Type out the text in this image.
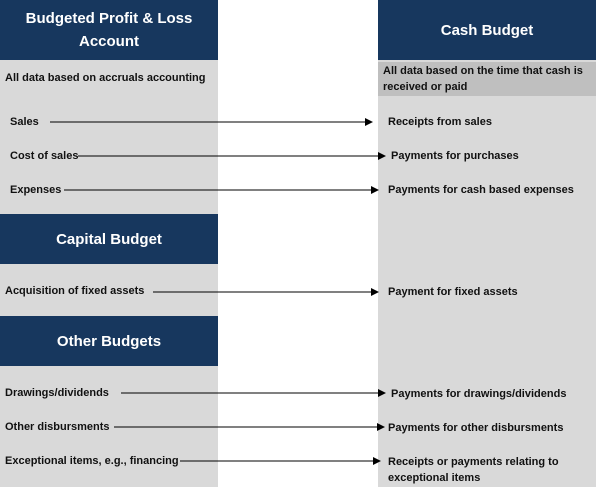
Budgeted Profit & Loss Account
Capital Budget
Other Budgets
Cash Budget
All data based on accruals accounting
All data based on the time that cash is received or paid
Sales
Cost of sales
Expenses
Acquisition of fixed assets
Drawings/dividends
Other disbursments
Exceptional items, e.g., financing
Receipts from sales
Payments for purchases
Payments for cash based expenses
Payment for fixed assets
Payments for drawings/dividends
Payments for other disbursments
Receipts or payments relating to exceptional items
